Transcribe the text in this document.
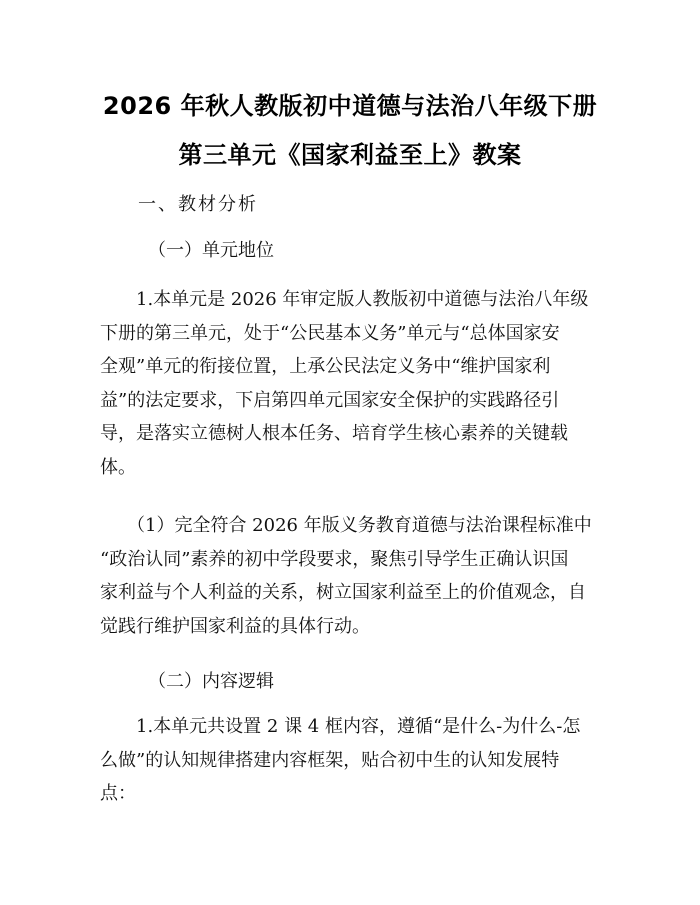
2026 年秋人教版初中道德与法治八年级下册
第三单元《国家利益至上》教案
一、教材分析
（一）单元地位
　　1.本单元是 2026 年审定版人教版初中道德与法治八年级
下册的第三单元，处于“公民基本义务”单元与“总体国家安
全观”单元的衔接位置，上承公民法定义务中“维护国家利
益”的法定要求，下启第四单元国家安全保护的实践路径引
导，是落实立德树人根本任务、培育学生核心素养的关键载
体。
　　（1）完全符合 2026 年版义务教育道德与法治课程标准中
“政治认同”素养的初中学段要求，聚焦引导学生正确认识国
家利益与个人利益的关系，树立国家利益至上的价值观念，自
觉践行维护国家利益的具体行动。
（二）内容逻辑
　　1.本单元共设置 2 课 4 框内容，遵循“是什么-为什么-怎
么做”的认知规律搭建内容框架，贴合初中生的认知发展特
点：
